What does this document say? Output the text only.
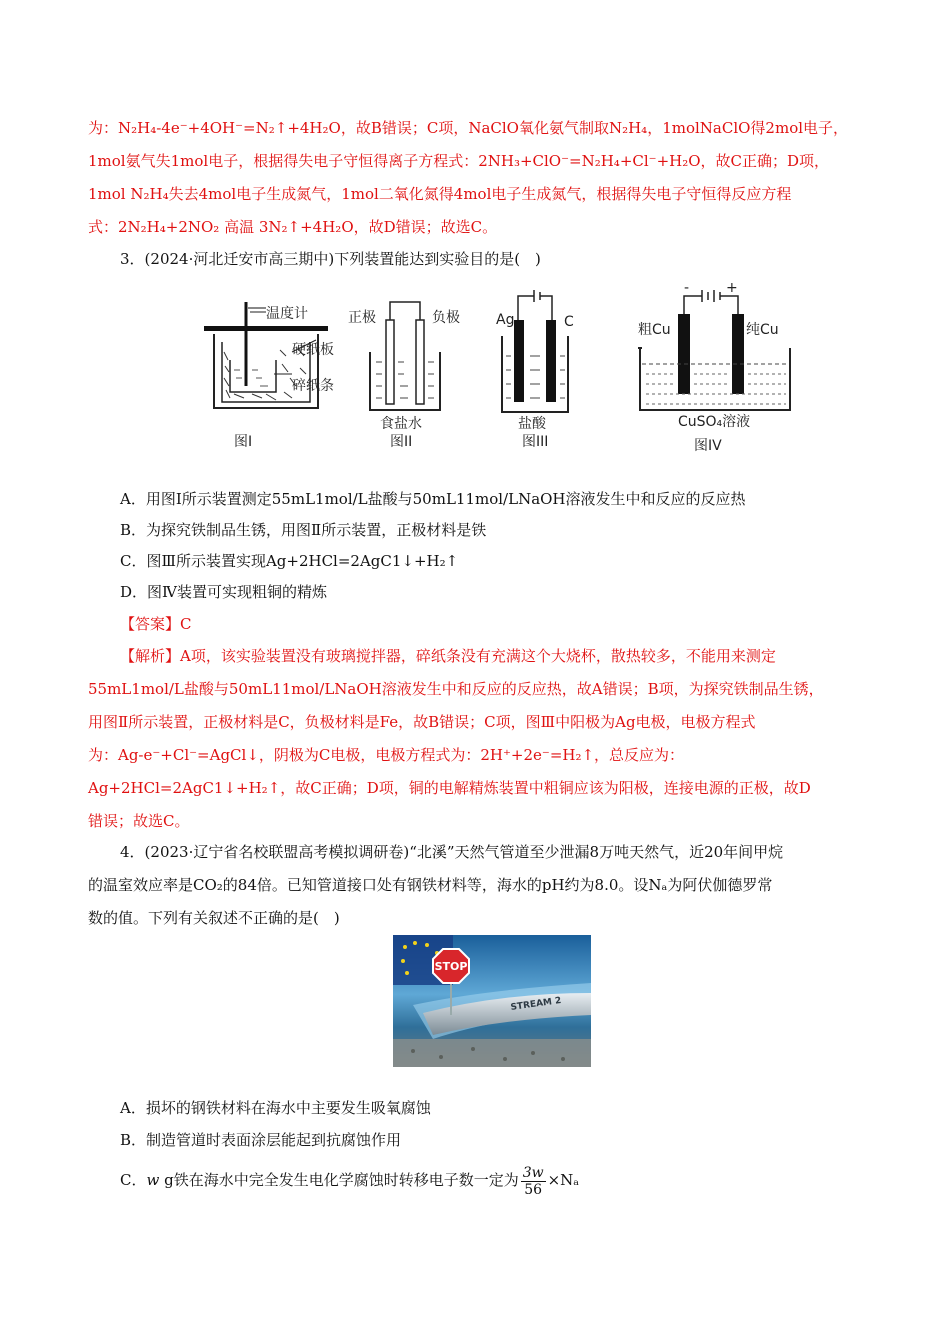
为：N₂H₄-4e⁻+4OH⁻=N₂↑+4H₂O，故B错误；C项，NaClO氧化氨气制取N₂H₄，1molNaClO得2mol电子，
1mol氨气失1mol电子，根据得失电子守恒得离子方程式：2NH₃+ClO⁻=N₂H₄+Cl⁻+H₂O，故C正确；D项，
1mol N₂H₄失去4mol电子生成氮气，1mol二氧化氮得4mol电子生成氮气，根据得失电子守恒得反应方程
式：2N₂H₄+2NO₂ 高温 3N₂↑+4H₂O，故D错误；故选C。
3．(2024·河北迁安市高三期中)下列装置能达到实验目的是(　)
温度计
硬纸板
碎纸条
图I
正极	负极
食盐水
图II
Ag	C
盐酸
图III
-	+
粗Cu	纯Cu
CuSO₄溶液
图IV
A．用图Ⅰ所示装置测定55mL1mol/L盐酸与50mL11mol/LNaOH溶液发生中和反应的反应热
B．为探究铁制品生锈，用图Ⅱ所示装置，正极材料是铁
C．图Ⅲ所示装置实现Ag+2HCl=2AgC1↓+H₂↑
D．图Ⅳ装置可实现粗铜的精炼
【答案】C
【解析】A项，该实验装置没有玻璃搅拌器，碎纸条没有充满这个大烧杯，散热较多，不能用来测定
55mL1mol/L盐酸与50mL11mol/LNaOH溶液发生中和反应的反应热，故A错误；B项，为探究铁制品生锈，
用图Ⅱ所示装置，正极材料是C，负极材料是Fe，故B错误；C项，图Ⅲ中阳极为Ag电极，电极方程式
为：Ag-e⁻+Cl⁻=AgCl↓，阴极为C电极，电极方程式为：2H⁺+2e⁻=H₂↑，总反应为：
Ag+2HCl=2AgC1↓+H₂↑，故C正确；D项，铜的电解精炼装置中粗铜应该为阳极，连接电源的正极，故D
错误；故选C。
4．(2023·辽宁省名校联盟高考模拟调研卷)“北溪”天然气管道至少泄漏8万吨天然气，近20年间甲烷
的温室效应率是CO₂的84倍。已知管道接口处有钢铁材料等，海水的pH约为8.0。设Nₐ为阿伏伽德罗常
数的值。下列有关叙述不正确的是(　)
STREAM 2
STOP
A．损坏的钢铁材料在海水中主要发生吸氧腐蚀
B．制造管道时表面涂层能起到抗腐蚀作用
C．w g铁在海水中完全发生电化学腐蚀时转移电子数一定为 $\frac{3w}{56} \times N_a$
